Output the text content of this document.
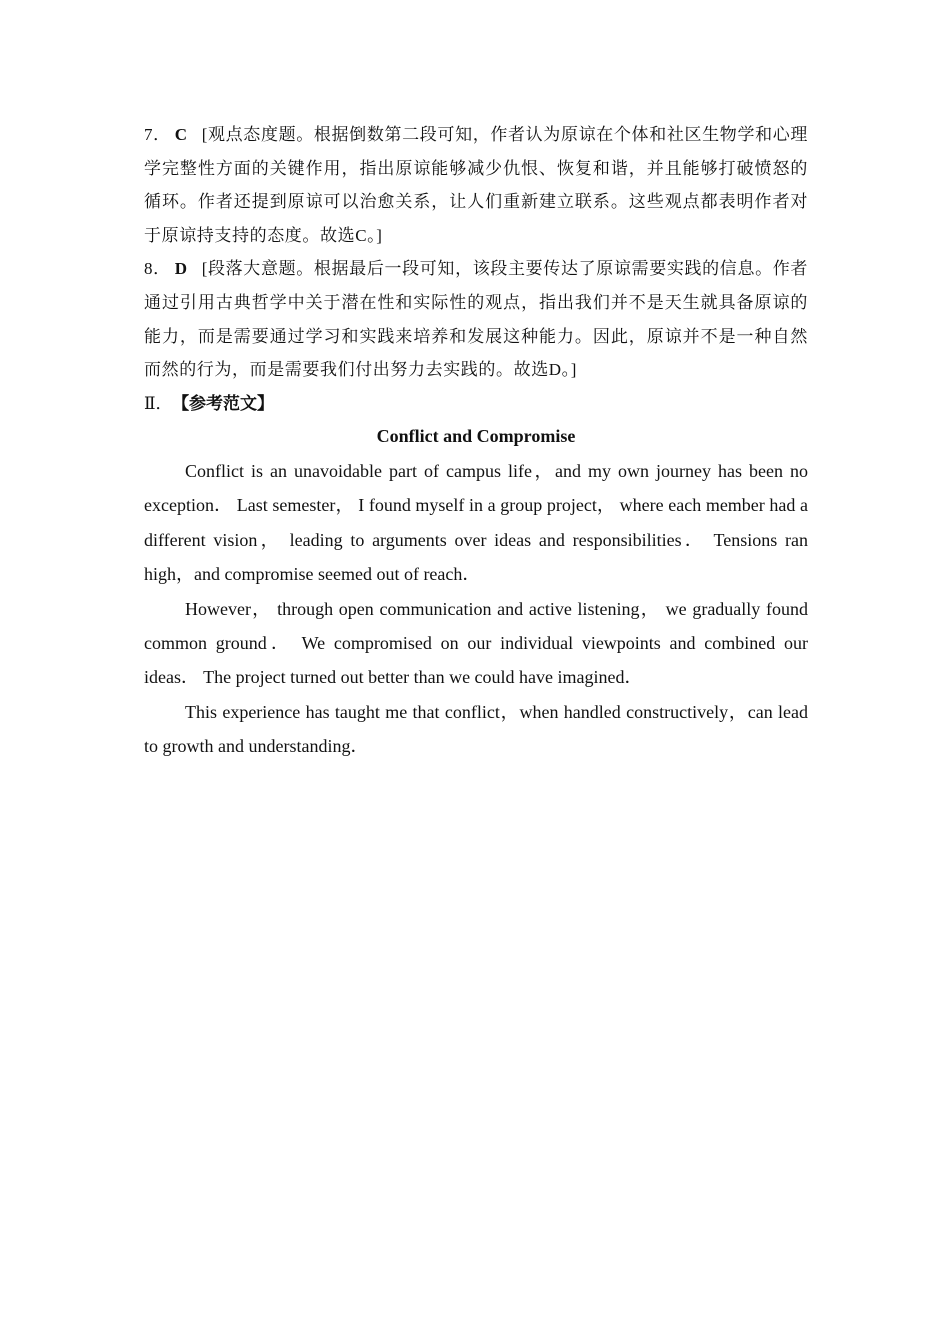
7． C [观点态度题。根据倒数第二段可知，作者认为原谅在个体和社区生物学和心理学完整性方面的关键作用，指出原谅能够减少仇恨、恢复和谐，并且能够打破愤怒的循环。作者还提到原谅可以治愈关系，让人们重新建立联系。这些观点都表明作者对于原谅持支持的态度。故选C。]

8． D [段落大意题。根据最后一段可知，该段主要传达了原谅需要实践的信息。作者通过引用古典哲学中关于潜在性和实际性的观点，指出我们并不是天生就具备原谅的能力，而是需要通过学习和实践来培养和发展这种能力。因此，原谅并不是一种自然而然的行为，而是需要我们付出努力去实践的。故选D。]

Ⅱ． 【参考范文】

Conflict and Compromise

Conflict is an unavoidable part of campus life，and my own journey has been no exception． Last semester， I found myself in a group project， where each member had a different vision， leading to arguments over ideas and responsibilities． Tensions ran high，and compromise seemed out of reach．

However， through open communication and active listening， we gradually found common ground． We compromised on our individual viewpoints and combined our ideas． The project turned out better than we could have imagined．

This experience has taught me that conflict，when handled constructively，can lead to growth and understanding．
